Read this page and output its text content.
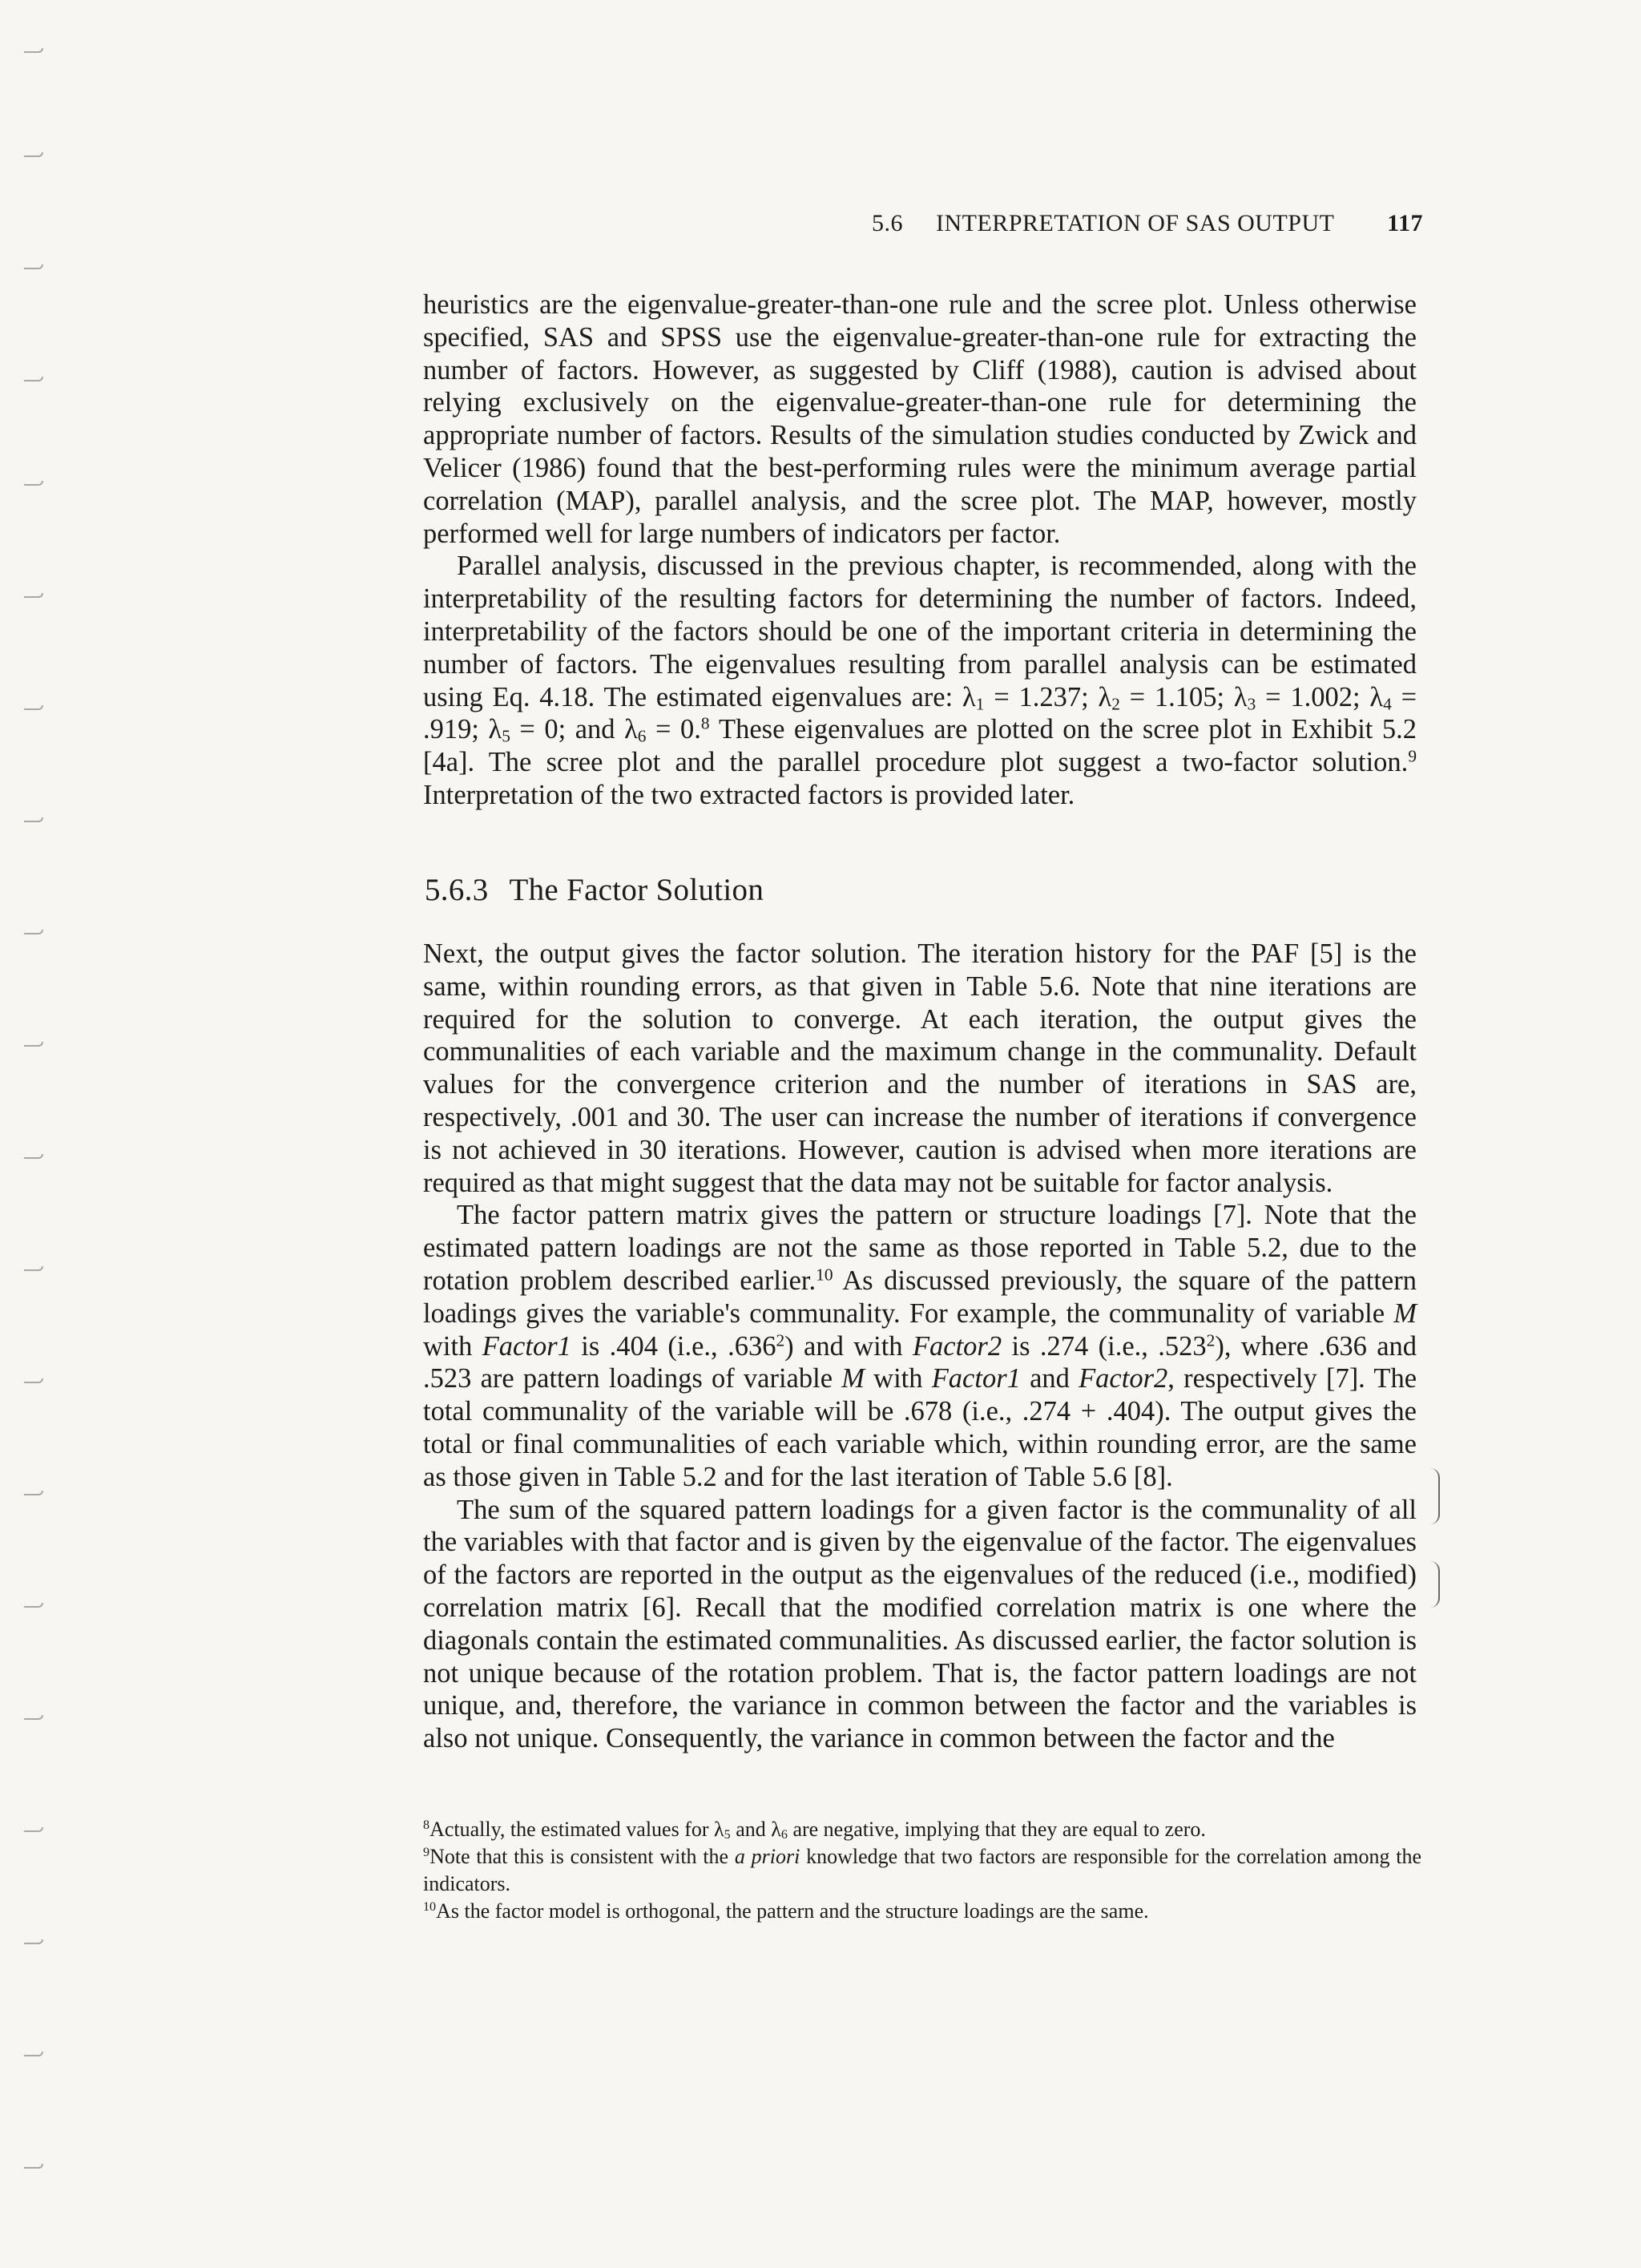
5.6 INTERPRETATION OF SAS OUTPUT 117

heuristics are the eigenvalue-greater-than-one rule and the scree plot. Unless otherwise specified, SAS and SPSS use the eigenvalue-greater-than-one rule for extracting the number of factors. However, as suggested by Cliff (1988), caution is advised about relying exclusively on the eigenvalue-greater-than-one rule for determining the appropriate number of factors. Results of the simulation studies conducted by Zwick and Velicer (1986) found that the best-performing rules were the minimum average partial correlation (MAP), parallel analysis, and the scree plot. The MAP, however, mostly performed well for large numbers of indicators per factor.

Parallel analysis, discussed in the previous chapter, is recommended, along with the interpretability of the resulting factors for determining the number of factors. Indeed, interpretability of the factors should be one of the important criteria in determining the number of factors. The eigenvalues resulting from parallel analysis can be estimated using Eq. 4.18. The estimated eigenvalues are: $\lambda_1 = 1.237$; $\lambda_2 = 1.105$; $\lambda_3 = 1.002$; $\lambda_4 = .919$; $\lambda_5 = 0$; and $\lambda_6 = 0.^8$ These eigenvalues are plotted on the scree plot in Exhibit 5.2 [4a]. The scree plot and the parallel procedure plot suggest a two-factor solution.$^9$ Interpretation of the two extracted factors is provided later.

5.6.3 The Factor Solution

Next, the output gives the factor solution. The iteration history for the PAF [5] is the same, within rounding errors, as that given in Table 5.6. Note that nine iterations are required for the solution to converge. At each iteration, the output gives the communalities of each variable and the maximum change in the communality. Default values for the convergence criterion and the number of iterations in SAS are, respectively, .001 and 30. The user can increase the number of iterations if convergence is not achieved in 30 iterations. However, caution is advised when more iterations are required as that might suggest that the data may not be suitable for factor analysis.

The factor pattern matrix gives the pattern or structure loadings [7]. Note that the estimated pattern loadings are not the same as those reported in Table 5.2, due to the rotation problem described earlier.$^{10}$ As discussed previously, the square of the pattern loadings gives the variable's communality. For example, the communality of variable M with Factor1 is .404 (i.e., .636$^2$) and with Factor2 is .274 (i.e., .523$^2$), where .636 and .523 are pattern loadings of variable M with Factor1 and Factor2, respectively [7]. The total communality of the variable will be .678 (i.e., .274 + .404). The output gives the total or final communalities of each variable which, within rounding error, are the same as those given in Table 5.2 and for the last iteration of Table 5.6 [8].

The sum of the squared pattern loadings for a given factor is the communality of all the variables with that factor and is given by the eigenvalue of the factor. The eigenvalues of the factors are reported in the output as the eigenvalues of the reduced (i.e., modified) correlation matrix [6]. Recall that the modified correlation matrix is one where the diagonals contain the estimated communalities. As discussed earlier, the factor solution is not unique because of the rotation problem. That is, the factor pattern loadings are not unique, and, therefore, the variance in common between the factor and the variables is also not unique. Consequently, the variance in common between the factor and the

$^8$Actually, the estimated values for $\lambda_5$ and $\lambda_6$ are negative, implying that they are equal to zero.

$^9$Note that this is consistent with the a priori knowledge that two factors are responsible for the correlation among the indicators.

$^{10}$As the factor model is orthogonal, the pattern and the structure loadings are the same.
